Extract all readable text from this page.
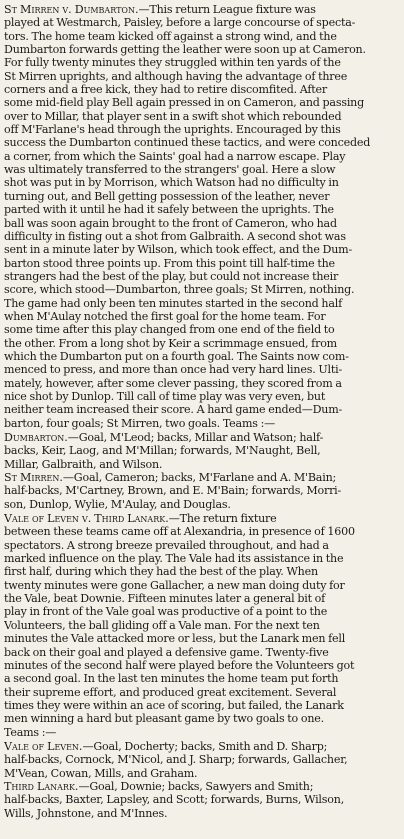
St Mirren v. Dumbarton.—This return League fixture was
played at Westmarch, Paisley, before a large concourse of specta-
tors. The home team kicked off against a strong wind, and the
Dumbarton forwards getting the leather were soon up at Cameron.
For fully twenty minutes they struggled within ten yards of the
St Mirren uprights, and although having the advantage of three
corners and a free kick, they had to retire discomfited. After
some mid-field play Bell again pressed in on Cameron, and passing
over to Millar, that player sent in a swift shot which rebounded
off M'Farlane's head through the uprights. Encouraged by this
success the Dumbarton continued these tactics, and were conceded
a corner, from which the Saints' goal had a narrow escape. Play
was ultimately transferred to the strangers' goal. Here a slow
shot was put in by Morrison, which Watson had no difficulty in
turning out, and Bell getting possession of the leather, never
parted with it until he had it safely between the uprights. The
ball was soon again brought to the front of Cameron, who had
difficulty in fisting out a shot from Galbraith. A second shot was
sent in a minute later by Wilson, which took effect, and the Dum-
barton stood three points up. From this point till half-time the
strangers had the best of the play, but could not increase their
score, which stood—Dumbarton, three goals; St Mirren, nothing.
The game had only been ten minutes started in the second half
when M'Aulay notched the first goal for the home team. For
some time after this play changed from one end of the field to
the other. From a long shot by Keir a scrimmage ensued, from
which the Dumbarton put on a fourth goal. The Saints now com-
menced to press, and more than once had very hard lines. Ulti-
mately, however, after some clever passing, they scored from a
nice shot by Dunlop. Till call of time play was very even, but
neither team increased their score. A hard game ended—Dum-
barton, four goals; St Mirren, two goals. Teams :—

Dumbarton.—Goal, M'Leod; backs, Millar and Watson; half-
backs, Keir, Laog, and M'Millan; forwards, M'Naught, Bell,
Millar, Galbraith, and Wilson.

St Mirren.—Goal, Cameron; backs, M'Farlane and A. M'Bain;
half-backs, M'Cartney, Brown, and E. M'Bain; forwards, Morri-
son, Dunlop, Wylie, M'Aulay, and Douglas.

Vale of Leven v. Third Lanark.—The return fixture
between these teams came off at Alexandria, in presence of 1600
spectators. A strong breeze prevailed throughout, and had a
marked influence on the play. The Vale had its assistance in the
first half, during which they had the best of the play. When
twenty minutes were gone Gallacher, a new man doing duty for
the Vale, beat Downie. Fifteen minutes later a general bit of
play in front of the Vale goal was productive of a point to the
Volunteers, the ball gliding off a Vale man. For the next ten
minutes the Vale attacked more or less, but the Lanark men fell
back on their goal and played a defensive game. Twenty-five
minutes of the second half were played before the Volunteers got
a second goal. In the last ten minutes the home team put forth
their supreme effort, and produced great excitement. Several
times they were within an ace of scoring, but failed, the Lanark
men winning a hard but pleasant game by two goals to one.
Teams :—

Vale of Leven.—Goal, Docherty; backs, Smith and D. Sharp;
half-backs, Cornock, M'Nicol, and J. Sharp; forwards, Gallacher,
M'Vean, Cowan, Mills, and Graham.

Third Lanark.—Goal, Downie; backs, Sawyers and Smith;
half-backs, Baxter, Lapsley, and Scott; forwards, Burns, Wilson,
Wills, Johnstone, and M'Innes.
